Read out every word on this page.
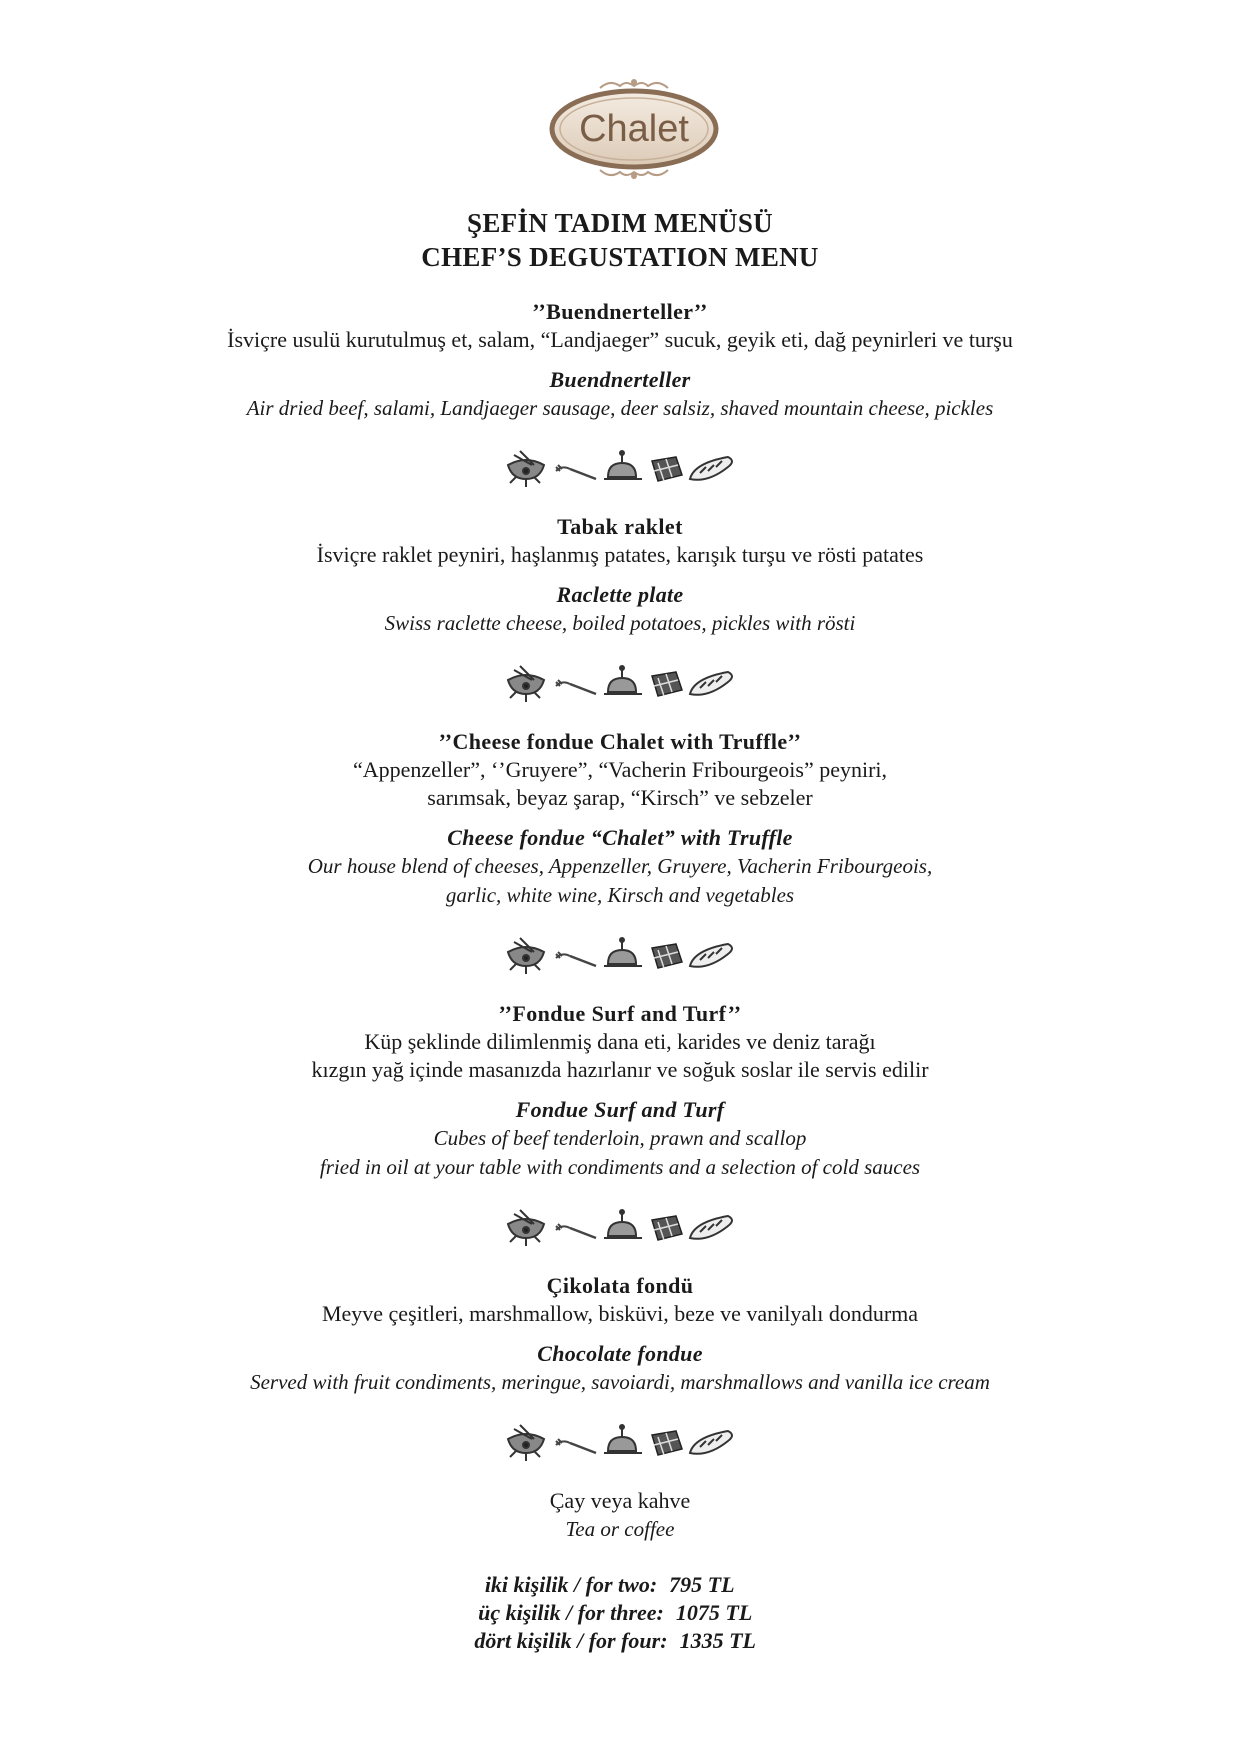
Chalet
ŞEFİN TADIM MENÜSÜ
CHEF’S DEGUSTATION MENU
’’Buendnerteller’’
İsviçre usulü kurutulmuş et, salam, “Landjaeger” sucuk, geyik eti, dağ peynirleri ve turşu
Buendnerteller
Air dried beef, salami, Landjaeger sausage, deer salsiz, shaved mountain cheese, pickles
Tabak raklet
İsviçre raklet peyniri, haşlanmış patates, karışık turşu ve rösti patates
Raclette plate
Swiss raclette cheese, boiled potatoes, pickles with rösti
’’Cheese fondue Chalet with Truffle’’
“Appenzeller”, ‘’Gruyere”, “Vacherin Fribourgeois” peyniri,
sarımsak, beyaz şarap, “Kirsch” ve sebzeler
Cheese fondue “Chalet” with Truffle
Our house blend of cheeses, Appenzeller, Gruyere, Vacherin Fribourgeois,
garlic, white wine, Kirsch and vegetables
’’Fondue Surf and Turf’’
Küp şeklinde dilimlenmiş dana eti, karides ve deniz tarağı
kızgın yağ içinde masanızda hazırlanır ve soğuk soslar ile servis edilir
Fondue Surf and Turf
Cubes of beef tenderloin, prawn and scallop
fried in oil at your table with condiments and a selection of cold sauces
Çikolata fondü
Meyve çeşitleri, marshmallow, bisküvi, beze ve vanilyalı dondurma
Chocolate fondue
Served with fruit condiments, meringue, savoiardi, marshmallows and vanilla ice cream
Çay veya kahve
Tea or coffee
iki kişilik / for two: 795 TL
üç kişilik / for three: 1075 TL
dört kişilik / for four: 1335 TL
